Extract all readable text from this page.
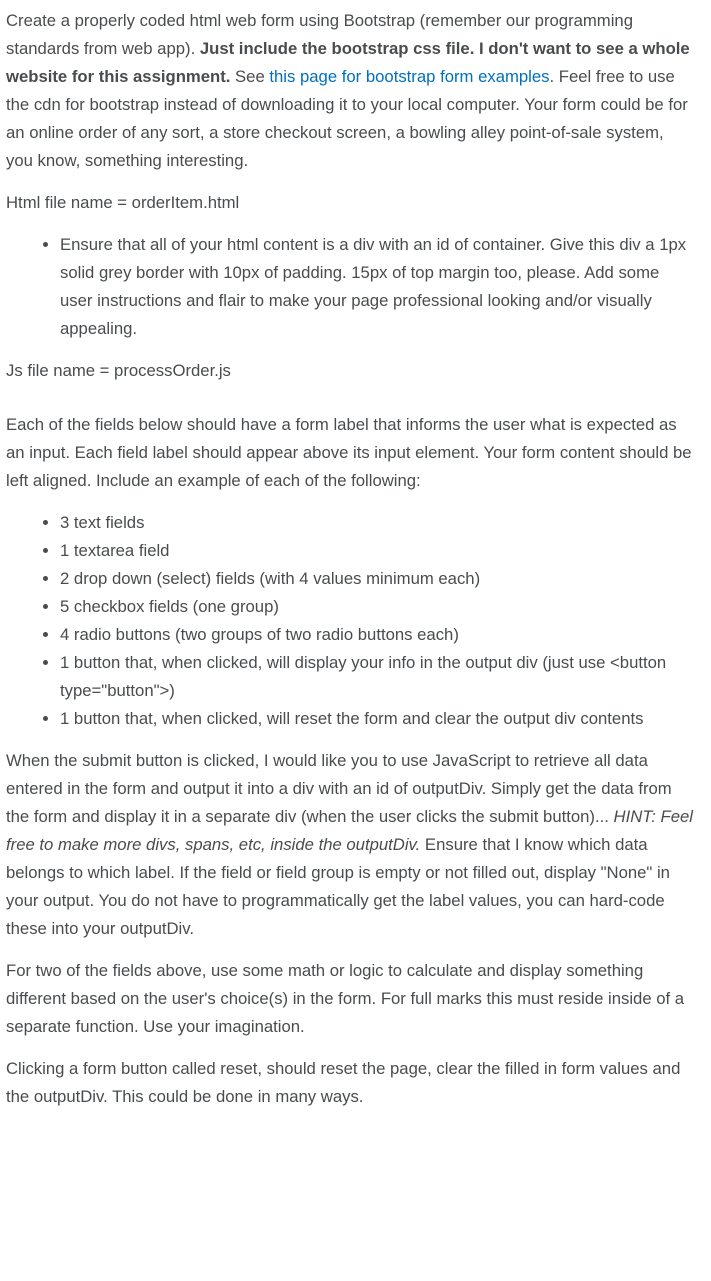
Create a properly coded html web form using Bootstrap (remember our programming standards from web app). Just include the bootstrap css file. I don't want to see a whole website for this assignment. See this page for bootstrap form examples. Feel free to use the cdn for bootstrap instead of downloading it to your local computer. Your form could be for an online order of any sort, a store checkout screen, a bowling alley point-of-sale system, you know, something interesting.

Html file name = orderItem.html

• Ensure that all of your html content is a div with an id of container. Give this div a 1px solid grey border with 10px of padding. 15px of top margin too, please. Add some user instructions and flair to make your page professional looking and/or visually appealing.

Js file name = processOrder.js

Each of the fields below should have a form label that informs the user what is expected as an input. Each field label should appear above its input element. Your form content should be left aligned. Include an example of each of the following:

• 3 text fields
• 1 textarea field
• 2 drop down (select) fields (with 4 values minimum each)
• 5 checkbox fields (one group)
• 4 radio buttons (two groups of two radio buttons each)
• 1 button that, when clicked, will display your info in the output div (just use <button type="button">)
• 1 button that, when clicked, will reset the form and clear the output div contents

When the submit button is clicked, I would like you to use JavaScript to retrieve all data entered in the form and output it into a div with an id of outputDiv. Simply get the data from the form and display it in a separate div (when the user clicks the submit button)... HINT: Feel free to make more divs, spans, etc, inside the outputDiv. Ensure that I know which data belongs to which label. If the field or field group is empty or not filled out, display "None" in your output. You do not have to programmatically get the label values, you can hard-code these into your outputDiv.

For two of the fields above, use some math or logic to calculate and display something different based on the user's choice(s) in the form. For full marks this must reside inside of a separate function. Use your imagination.

Clicking a form button called reset, should reset the page, clear the filled in form values and the outputDiv. This could be done in many ways.
